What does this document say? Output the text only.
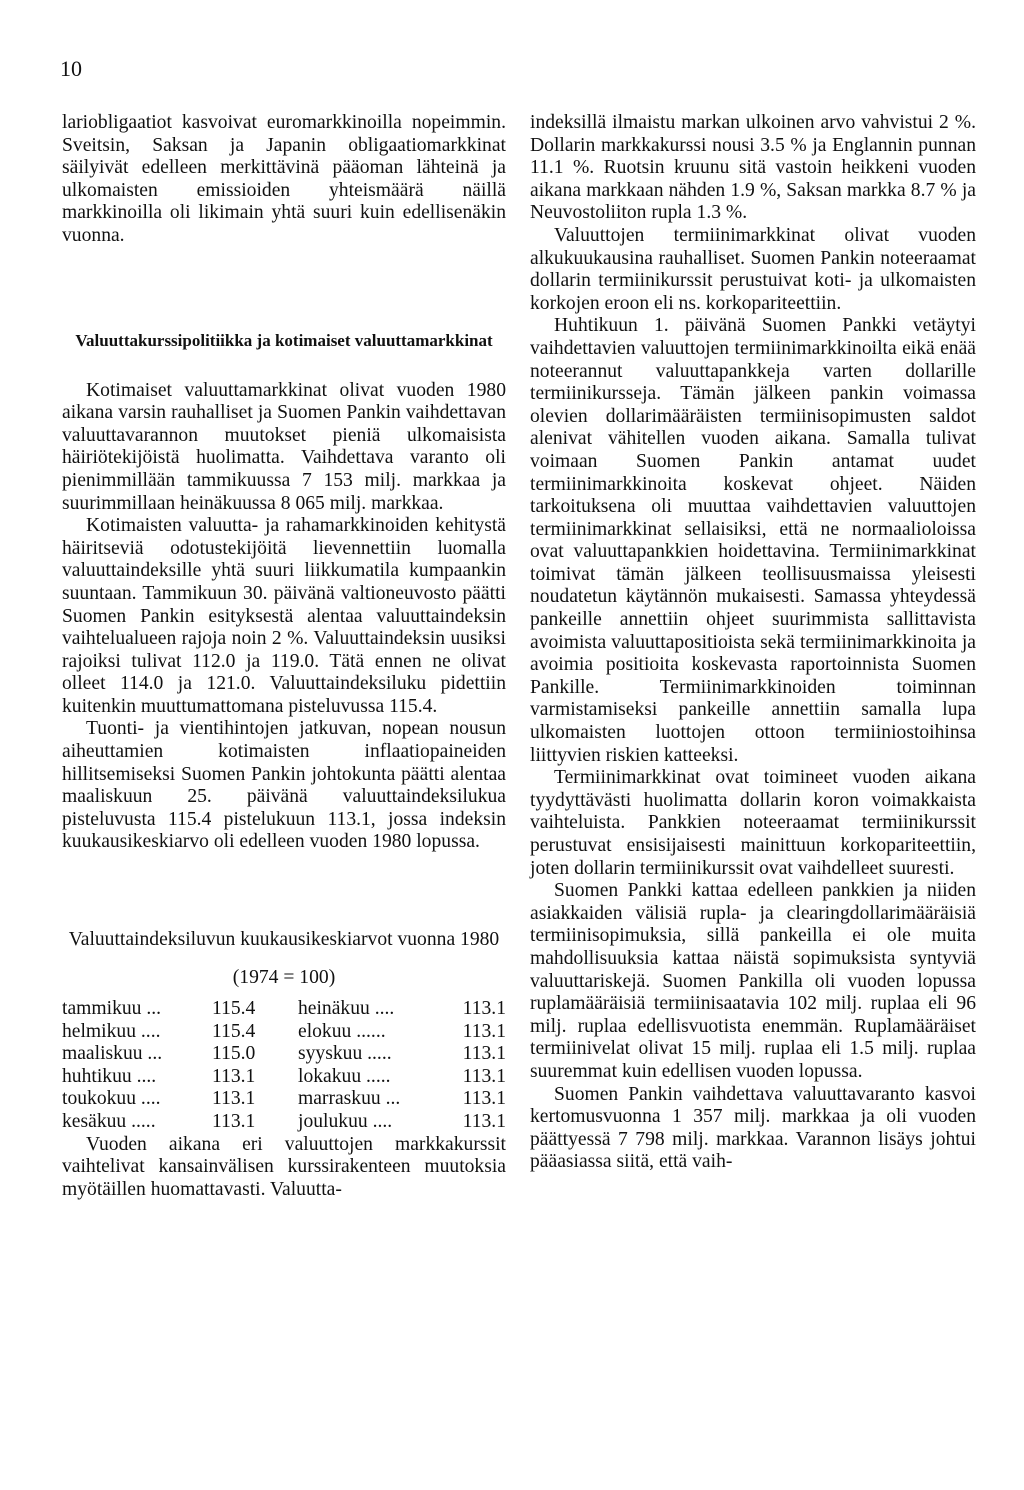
10

lariobligaatiot kasvoivat euromarkkinoilla nopeimmin. Sveitsin, Saksan ja Japanin obligaatiomarkkinat säilyivät edelleen merkittävinä pääoman lähteinä ja ulkomaisten emissioiden yhteismäärä näillä markkinoilla oli likimain yhtä suuri kuin edellisenäkin vuonna.

Valuuttakurssipolitiikka ja kotimaiset valuuttamarkkinat

Kotimaiset valuuttamarkkinat olivat vuoden 1980 aikana varsin rauhalliset ja Suomen Pankin vaihdettavan valuuttavarannon muutokset pieniä ulkomaisista häiriötekijöistä huolimatta. Vaihdettava varanto oli pienimmillään tammikuussa 7 153 milj. markkaa ja suurimmillaan heinäkuussa 8 065 milj. markkaa.

Kotimaisten valuutta- ja rahamarkkinoiden kehitystä häiritseviä odotustekijöitä lievennettiin luomalla valuuttaindeksille yhtä suuri liikkumatila kumpaankin suuntaan. Tammikuun 30. päivänä valtioneuvosto päätti Suomen Pankin esityksestä alentaa valuuttaindeksin vaihtelualueen rajoja noin 2 %. Valuuttaindeksin uusiksi rajoiksi tulivat 112.0 ja 119.0. Tätä ennen ne olivat olleet 114.0 ja 121.0. Valuuttaindeksiluku pidettiin kuitenkin muuttumattomana pisteluvussa 115.4.

Tuonti- ja vientihintojen jatkuvan, nopean nousun aiheuttamien kotimaisten inflaatiopaineiden hillitsemiseksi Suomen Pankin johtokunta päätti alentaa maaliskuun 25. päivänä valuuttaindeksilukua pisteluvusta 115.4 pistelukuun 113.1, jossa indeksin kuukausikeskiarvo oli edelleen vuoden 1980 lopussa.

Valuuttaindeksiluvun kuukausikeskiarvot vuonna 1980
(1974 = 100)
tammikuu ...	115.4	heinäkuu ....	113.1
helmikuu ....	115.4	elokuu ......	113.1
maaliskuu ...	115.0	syyskuu .....	113.1
huhtikuu ....	113.1	lokakuu .....	113.1
toukokuu ....	113.1	marraskuu ...	113.1
kesäkuu .....	113.1	joulukuu ....	113.1

Vuoden aikana eri valuuttojen markkakurssit vaihtelivat kansainvälisen kurssirakenteen muutoksia myötäillen huomattavasti. Valuutta-

indeksillä ilmaistu markan ulkoinen arvo vahvistui 2 %. Dollarin markkakurssi nousi 3.5 % ja Englannin punnan 11.1 %. Ruotsin kruunu sitä vastoin heikkeni vuoden aikana markkaan nähden 1.9 %, Saksan markka 8.7 % ja Neuvostoliiton rupla 1.3 %.

Valuuttojen termiinimarkkinat olivat vuoden alkukuukausina rauhalliset. Suomen Pankin noteeraamat dollarin termiinikurssit perustuivat koti- ja ulkomaisten korkojen eroon eli ns. korkopariteettiin.

Huhtikuun 1. päivänä Suomen Pankki vetäytyi vaihdettavien valuuttojen termiinimarkkinoilta eikä enää noteerannut valuuttapankkeja varten dollarille termiinikursseja. Tämän jälkeen pankin voimassa olevien dollarimääräisten termiinisopimusten saldot alenivat vähitellen vuoden aikana. Samalla tulivat voimaan Suomen Pankin antamat uudet termiinimarkkinoita koskevat ohjeet. Näiden tarkoituksena oli muuttaa vaihdettavien valuuttojen termiinimarkkinat sellaisiksi, että ne normaalioloissa ovat valuuttapankkien hoidettavina. Termiinimarkkinat toimivat tämän jälkeen teollisuusmaissa yleisesti noudatetun käytännön mukaisesti. Samassa yhteydessä pankeille annettiin ohjeet suurimmista sallittavista avoimista valuuttapositioista sekä termiinimarkkinoita ja avoimia positioita koskevasta raportoinnista Suomen Pankille. Termiinimarkkinoiden toiminnan varmistamiseksi pankeille annettiin samalla lupa ulkomaisten luottojen ottoon termiiniostoihinsa liittyvien riskien katteeksi.

Termiinimarkkinat ovat toimineet vuoden aikana tyydyttävästi huolimatta dollarin koron voimakkaista vaihteluista. Pankkien noteeraamat termiinikurssit perustuvat ensisijaisesti mainittuun korkopariteettiin, joten dollarin termiinikurssit ovat vaihdelleet suuresti.

Suomen Pankki kattaa edelleen pankkien ja niiden asiakkaiden välisiä rupla- ja clearingdollarimääräisiä termiinisopimuksia, sillä pankeilla ei ole muita mahdollisuuksia kattaa näistä sopimuksista syntyviä valuuttariskejä. Suomen Pankilla oli vuoden lopussa ruplamääräisiä termiinisaatavia 102 milj. ruplaa eli 96 milj. ruplaa edellisvuotista enemmän. Ruplamääräiset termiinivelat olivat 15 milj. ruplaa eli 1.5 milj. ruplaa suuremmat kuin edellisen vuoden lopussa.

Suomen Pankin vaihdettava valuuttavaranto kasvoi kertomusvuonna 1 357 milj. markkaa ja oli vuoden päättyessä 7 798 milj. markkaa. Varannon lisäys johtui pääasiassa siitä, että vaih-
